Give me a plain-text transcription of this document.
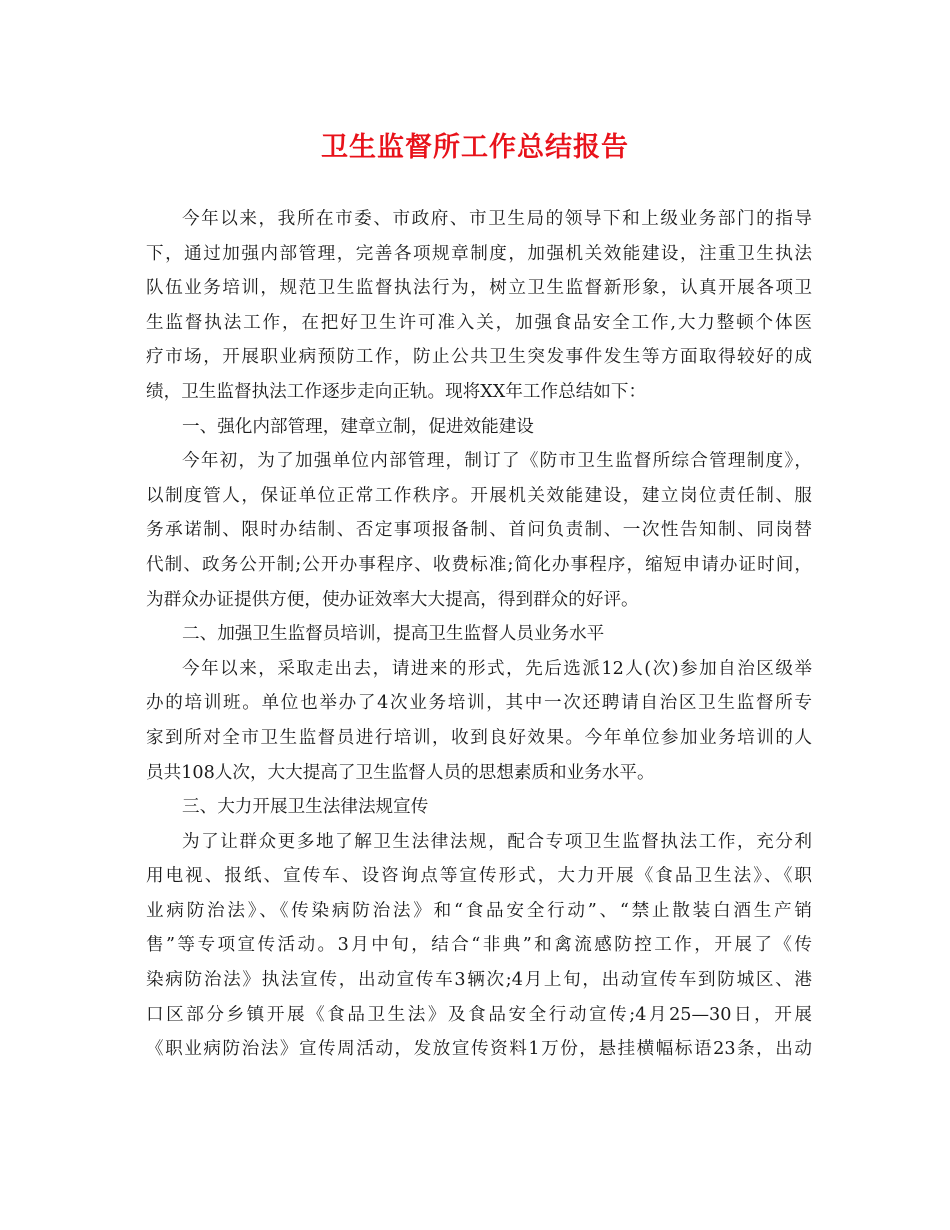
卫生监督所工作总结报告
今年以来，我所在市委、市政府、市卫生局的领导下和上级业务部门的指导
下，通过加强内部管理，完善各项规章制度，加强机关效能建设，注重卫生执法
队伍业务培训，规范卫生监督执法行为，树立卫生监督新形象，认真开展各项卫
生监督执法工作，在把好卫生许可准入关，加强食品安全工作,大力整顿个体医
疗市场，开展职业病预防工作，防止公共卫生突发事件发生等方面取得较好的成
绩，卫生监督执法工作逐步走向正轨。现将XX年工作总结如下：
一、强化内部管理，建章立制，促进效能建设
今年初，为了加强单位内部管理，制订了《防市卫生监督所综合管理制度》，
以制度管人，保证单位正常工作秩序。开展机关效能建设，建立岗位责任制、服
务承诺制、限时办结制、否定事项报备制、首问负责制、一次性告知制、同岗替
代制、政务公开制;公开办事程序、收费标准;简化办事程序，缩短申请办证时间，
为群众办证提供方便，使办证效率大大提高，得到群众的好评。
二、加强卫生监督员培训，提高卫生监督人员业务水平
今年以来，采取走出去，请进来的形式，先后选派12人(次)参加自治区级举
办的培训班。单位也举办了4次业务培训，其中一次还聘请自治区卫生监督所专
家到所对全市卫生监督员进行培训，收到良好效果。今年单位参加业务培训的人
员共108人次，大大提高了卫生监督人员的思想素质和业务水平。
三、大力开展卫生法律法规宣传
为了让群众更多地了解卫生法律法规，配合专项卫生监督执法工作，充分利
用电视、报纸、宣传车、设咨询点等宣传形式，大力开展《食品卫生法》、《职
业病防治法》、《传染病防治法》和“食品安全行动”、“禁止散装白酒生产销
售”等专项宣传活动。3月中旬，结合“非典”和禽流感防控工作，开展了《传
染病防治法》执法宣传，出动宣传车3辆次;4月上旬，出动宣传车到防城区、港
口区部分乡镇开展《食品卫生法》及食品安全行动宣传;4月25—30日，开展
《职业病防治法》宣传周活动，发放宣传资料1万份，悬挂横幅标语23条，出动
